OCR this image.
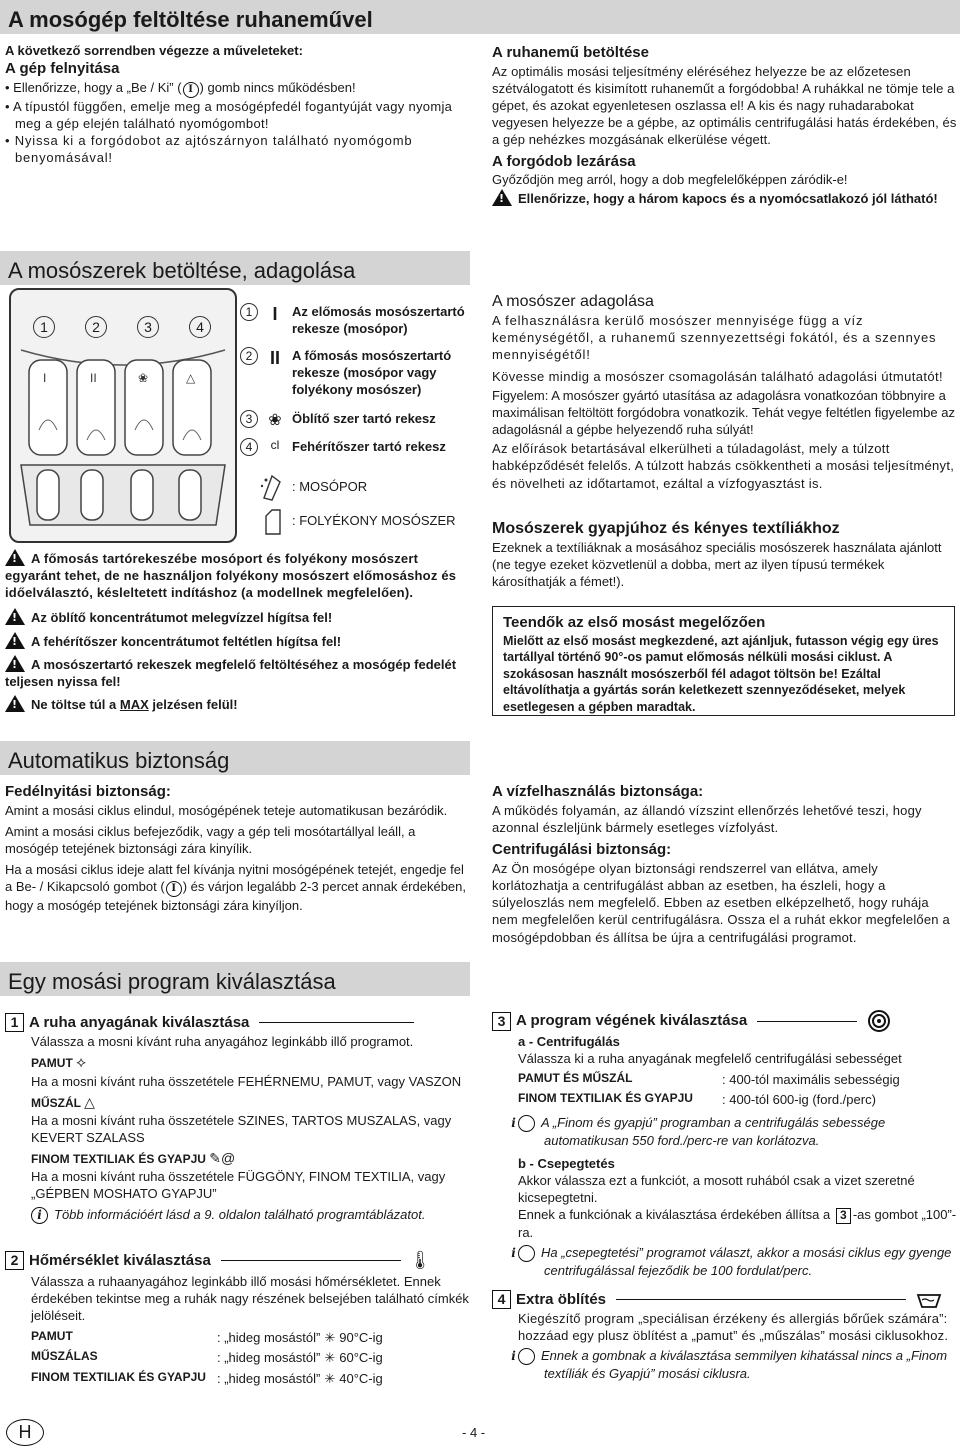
A mosógép feltöltése ruhaneművel
A következő sorrendben végezze a műveleteket:
A gép felnyitása
• Ellenőrizze, hogy a „Be / Ki” ( I ) gomb nincs működésben!
• A típustól függően, emelje meg a mosógépfedél fogantyúját vagy nyomja meg a gép elején található nyomógombot!
• Nyissa ki a forgódobot az ajtószárnyon található nyomógomb benyomásával!
A mosószerek betöltése, adagolása
1	2	3	4
I	II	❀	△
1	I	Az előmosás mosószertartó rekesze (mosópor)
2 II A főmosás mosószertartó rekesze (mosópor vagy folyékony mosószer)
3 ❀ Öblítő szer tartó rekesz
4	cl Fehérítőszer tartó rekesz
: MOSÓPOR
: FOLYÉKONY MOSÓSZER
!A főmosás tartórekeszébe mosóport és folyékony mosószert egyaránt tehet, de ne használjon folyékony mosószert előmosáshoz és időelválasztó, késleltetett indításhoz (a modellnek megfelelően).
!Az öblítő koncentrátumot melegvízzel hígítsa fel!
!A fehérítőszer koncentrátumot feltétlen hígítsa fel!
!A mosószertartó rekeszek megfelelő feltöltéséhez a mosógép fedelét teljesen nyissa fel!
!Ne töltse túl a MAX jelzésen felül!
Automatikus biztonság
Fedélnyitási biztonság:

Amint a mosási ciklus elindul, mosógépének teteje automatikusan bezáródik.

Amint a mosási ciklus befejeződik, vagy a gép teli mosótartállyal leáll, a mosógép tetejének biztonsági zára kinyílik.

Ha a mosási ciklus ideje alatt fel kívánja nyitni mosógépének tetejét, engedje fel a Be- / Kikapcsoló gombot ( I ) és várjon legalább 2-3 percet annak érdekében, hogy a mosógép tetejének biztonsági zára kinyíljon.

Egy mosási program kiválasztása
1 A ruha anyagának kiválasztása

Válassza a mosni kívánt ruha anyagához leginkább illő programot.

PAMUT ⟡

Ha a mosni kívánt ruha összetétele FEHÉRNEMU, PAMUT, vagy VASZON

MŰSZÁL △

Ha a mosni kívánt ruha összetétele SZINES, TARTOS MUSZALAS, vagy KEVERT SZALASS

FINOM TEXTILIAK ÉS GYAPJU ✎@

Ha a mosni kívánt ruha összetétele FÜGGÖNY, FINOM TEXTILIA, vagy „GÉPBEN MOSHATO GYAPJU”

i Több információért lásd a 9. oldalon található programtáblázatot.

2 Hőmérséklet kiválasztása	🌡

Válassza a ruhaanyagához leginkább illő mosási hőmérsékletet. Ennek érdekében tekintse meg a ruhák nagy részének belsejében található címkék jelöléseit.

PAMUT	: „hideg mosástól” ✳ 90°C-ig
MŰSZÁLAS	: „hideg mosástól” ✳ 60°C-ig
FINOM TEXTILIAK ÉS GYAPJU : „hideg mosástól” ✳ 40°C-ig
A ruhanemű betöltése

Az optimális mosási teljesítmény eléréséhez helyezze be az előzetesen szétválogatott és kisimított ruhaneműt a forgódobba! A ruhákkal ne tömje tele a gépet, és azokat egyenletesen oszlassa el! A kis és nagy ruhadarabokat vegyesen helyezze be a gépbe, az optimális centrifugálási hatás érdekében, és a gép nehézkes mozgásának elkerülése végett.

A forgódob lezárása

Győződjön meg arról, hogy a dob megfelelőképpen záródik-e!

!Ellenőrizze, hogy a három kapocs és a nyomócsatlakozó jól látható!
A mosószer adagolása

A felhasználásra kerülő mosószer mennyisége függ a víz keménységétől, a ruhanemű szennyezettségi fokától, és a szennyes mennyiségétől!

Kövesse mindig a mosószer csomagolásán található adagolási útmutatót!

Figyelem: A mosószer gyártó utasítása az adagolásra vonatkozóan többnyire a maximálisan feltöltött forgódobra vonatkozik. Tehát vegye feltétlen figyelembe az adagolásnál a gépbe helyezendő ruha súlyát!

Az előírások betartásával elkerülheti a túladagolást, mely a túlzott habképződését felelős. A túlzott habzás csökkentheti a mosási teljesítményt, és növelheti az időtartamot, ezáltal a vízfogyasztást is.

Mosószerek gyapjúhoz és kényes textíliákhoz

Ezeknek a textíliáknak a mosásához speciális mosószerek használata ajánlott (ne tegye ezeket közvetlenül a dobba, mert az ilyen típusú termékek károsíthatják a fémet!).

Teendők az első mosást megelőzően

Mielőtt az első mosást megkezdené, azt ajánljuk, futasson végig egy üres tartállyal történő 90°-os pamut előmosás nélküli mosási ciklust. A szokásosan használt mosószerből fél adagot töltsön be! Ezáltal eltávolíthatja a gyártás során keletkezett szennyeződéseket, melyek esetlegesen a gépben maradtak.

A vízfelhasználás biztonsága:

A működés folyamán, az állandó vízszint ellenőrzés lehetővé teszi, hogy azonnal észleljünk bármely esetleges vízfolyást.

Centrifugálási biztonság:

Az Ön mosógépe olyan biztonsági rendszerrel van ellátva, amely korlátozhatja a centrifugálást abban az esetben, ha észleli, hogy a súlyeloszlás nem megfelelő. Ebben az esetben elképzelhető, hogy ruhája nem megfelelően kerül centrifugálásra. Ossza el a ruhát ekkor megfelelően a mosógépdobban és állítsa be újra a centrifugálási programot.

3 A program végének kiválasztása
a - Centrifugálás

Válassza ki a ruha anyagának megfelelő centrifugálási sebességet

PAMUT ÉS MŰSZÁL	: 400-tól maximális sebességig
FINOM TEXTILIAK ÉS GYAPJU	: 400-tól 600-ig (ford./perc)

i A „Finom és gyapjú” programban a centrifugálás sebessége automatikusan 550 ford./perc-re van korlátozva.

b - Csepegtetés

Akkor válassza ezt a funkciót, a mosott ruhából csak a vizet szeretné kicsepegtetni.

Ennek a funkciónak a kiválasztása érdekében állítsa a 3 -as gombot „100”-ra.

i Ha „csepegtetési” programot választ, akkor a mosási ciklus egy gyenge centrifugálással fejeződik be 100 fordulat/perc.

4 Extra öblítés

Kiegészítő program „speciálisan érzékeny és allergiás bőrűek számára”: hozzáad egy plusz öblítést a „pamut” és „műszálas” mosási ciklusokhoz.

i Ennek a gombnak a kiválasztása semmilyen kihatással nincs a „Finom textíliák és Gyapjú” mosási ciklusra.

H	- 4 -
